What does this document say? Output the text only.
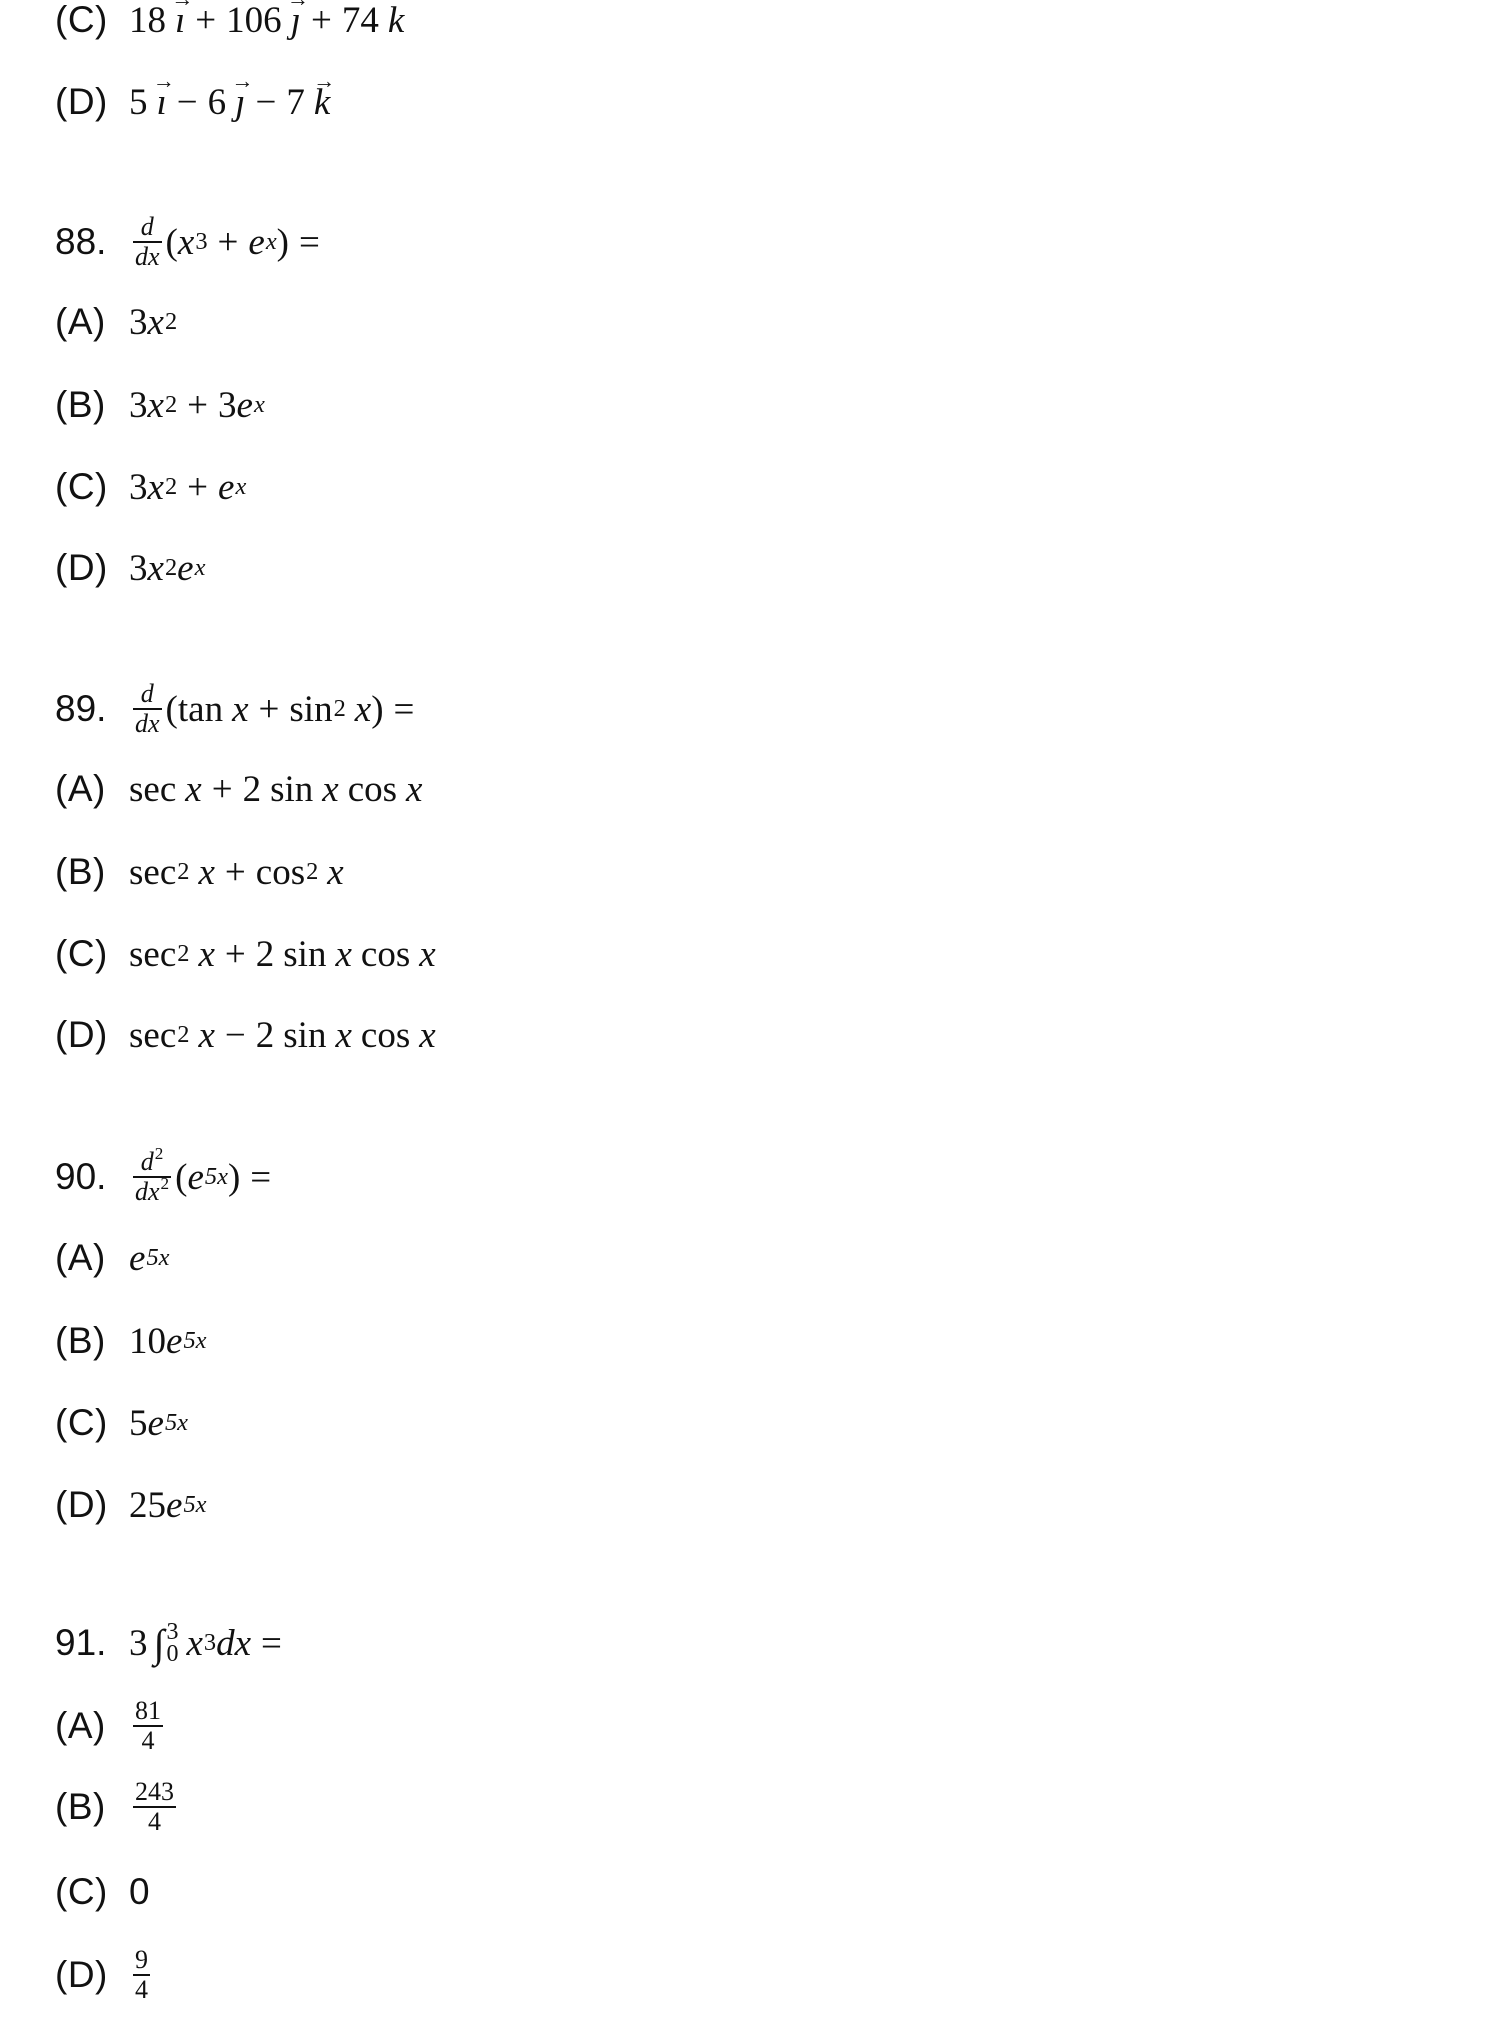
(C) 18 → ı + 106 → ȷ + 74 k
(D) 5 → ı − 6 → ȷ − 7 → k
88.	$\frac{d}{dx}$ ( x 3 + e x ) =
(A) 3 x 2
(B) 3 x 2 + 3 e x
(C) 3 x 2 + e x
(D) 3 x 2 e x
89.	$\frac{d}{dx}$ ( tan x + sin 2 x ) =
(A) sec x + 2 sin x cos x
(B) sec 2 x + cos 2 x
(C) sec 2 x + 2 sin x cos x
(D) sec 2 x − 2 sin x cos x
90.	$\frac{d^2}{dx^2}$ ( e 5x ) =
(A) e 5x
(B) 10 e 5x
(C) 5 e 5x
(D) 25 e 5x
91. 3 ∫ 3
0 x 3 dx =
(A)	$\frac{81}{4}$
(B)	$\frac{243}{4}$
(C) 0
$(D) \frac{9}{4}$
